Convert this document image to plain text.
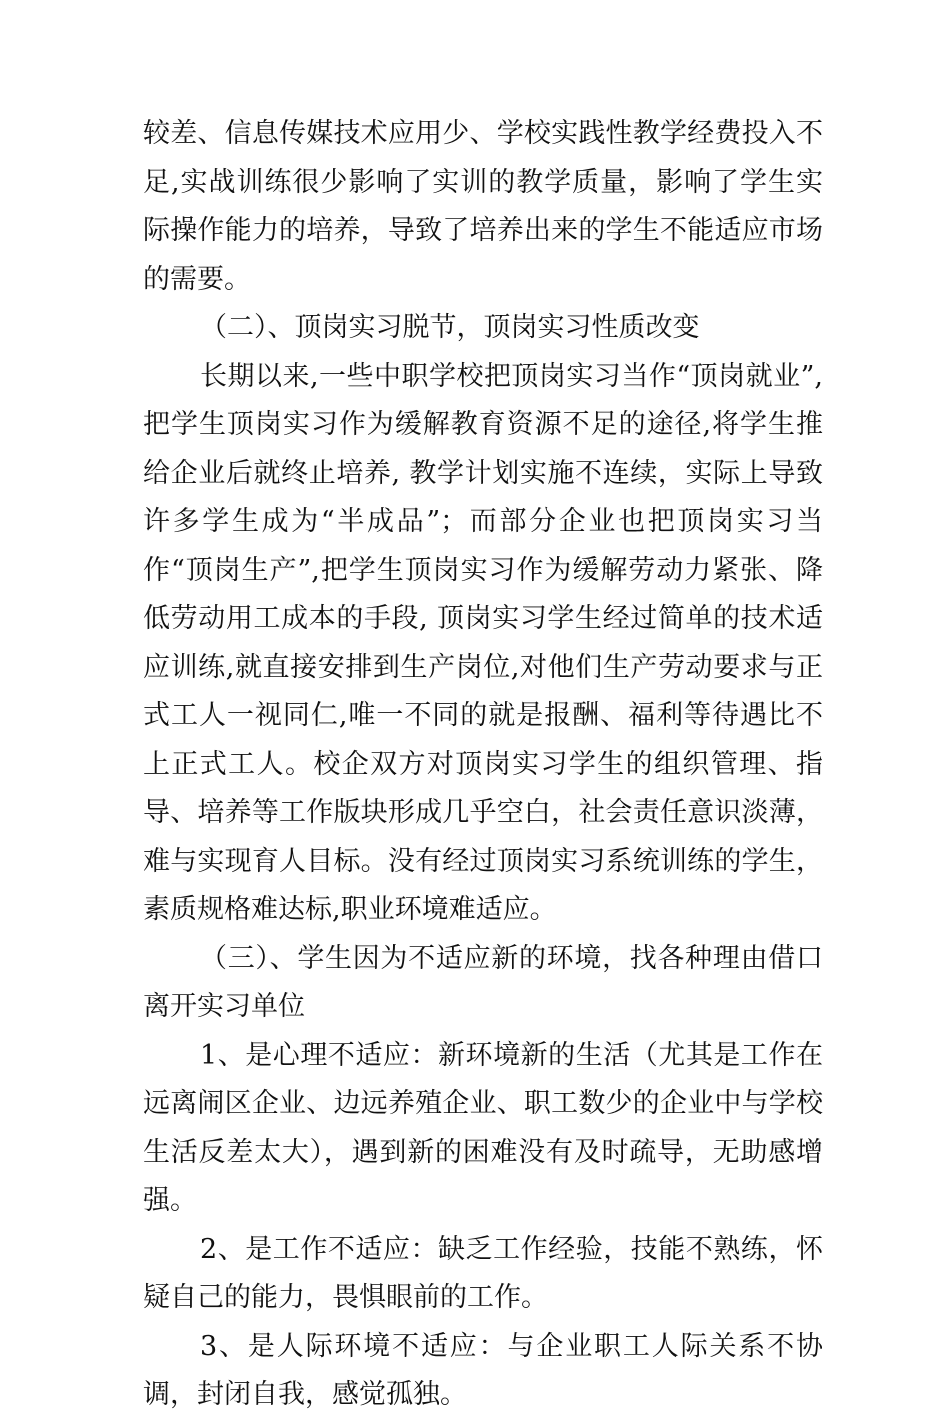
较差、信息传媒技术应用少、学校实践性教学经费投入不足,实战训练很少影响了实训的教学质量，影响了学生实际操作能力的培养，导致了培养出来的学生不能适应市场的需要。

（二）、顶岗实习脱节，顶岗实习性质改变

长期以来,一些中职学校把顶岗实习当作“顶岗就业”,把学生顶岗实习作为缓解教育资源不足的途径,将学生推给企业后就终止培养, 教学计划实施不连续，实际上导致许多学生成为“半成品”；而部分企业也把顶岗实习当作“顶岗生产”,把学生顶岗实习作为缓解劳动力紧张、降低劳动用工成本的手段, 顶岗实习学生经过简单的技术适应训练,就直接安排到生产岗位,对他们生产劳动要求与正式工人一视同仁,唯一不同的就是报酬、福利等待遇比不上正式工人。校企双方对顶岗实习学生的组织管理、指导、培养等工作版块形成几乎空白，社会责任意识淡薄，难与实现育人目标。没有经过顶岗实习系统训练的学生，素质规格难达标,职业环境难适应。

（三）、学生因为不适应新的环境，找各种理由借口离开实习单位

1、是心理不适应：新环境新的生活（尤其是工作在远离闹区企业、边远养殖企业、职工数少的企业中与学校生活反差太大），遇到新的困难没有及时疏导，无助感增强。

2、是工作不适应：缺乏工作经验，技能不熟练，怀疑自己的能力，畏惧眼前的工作。

3、是人际环境不适应：与企业职工人际关系不协调，封闭自我，感觉孤独。
